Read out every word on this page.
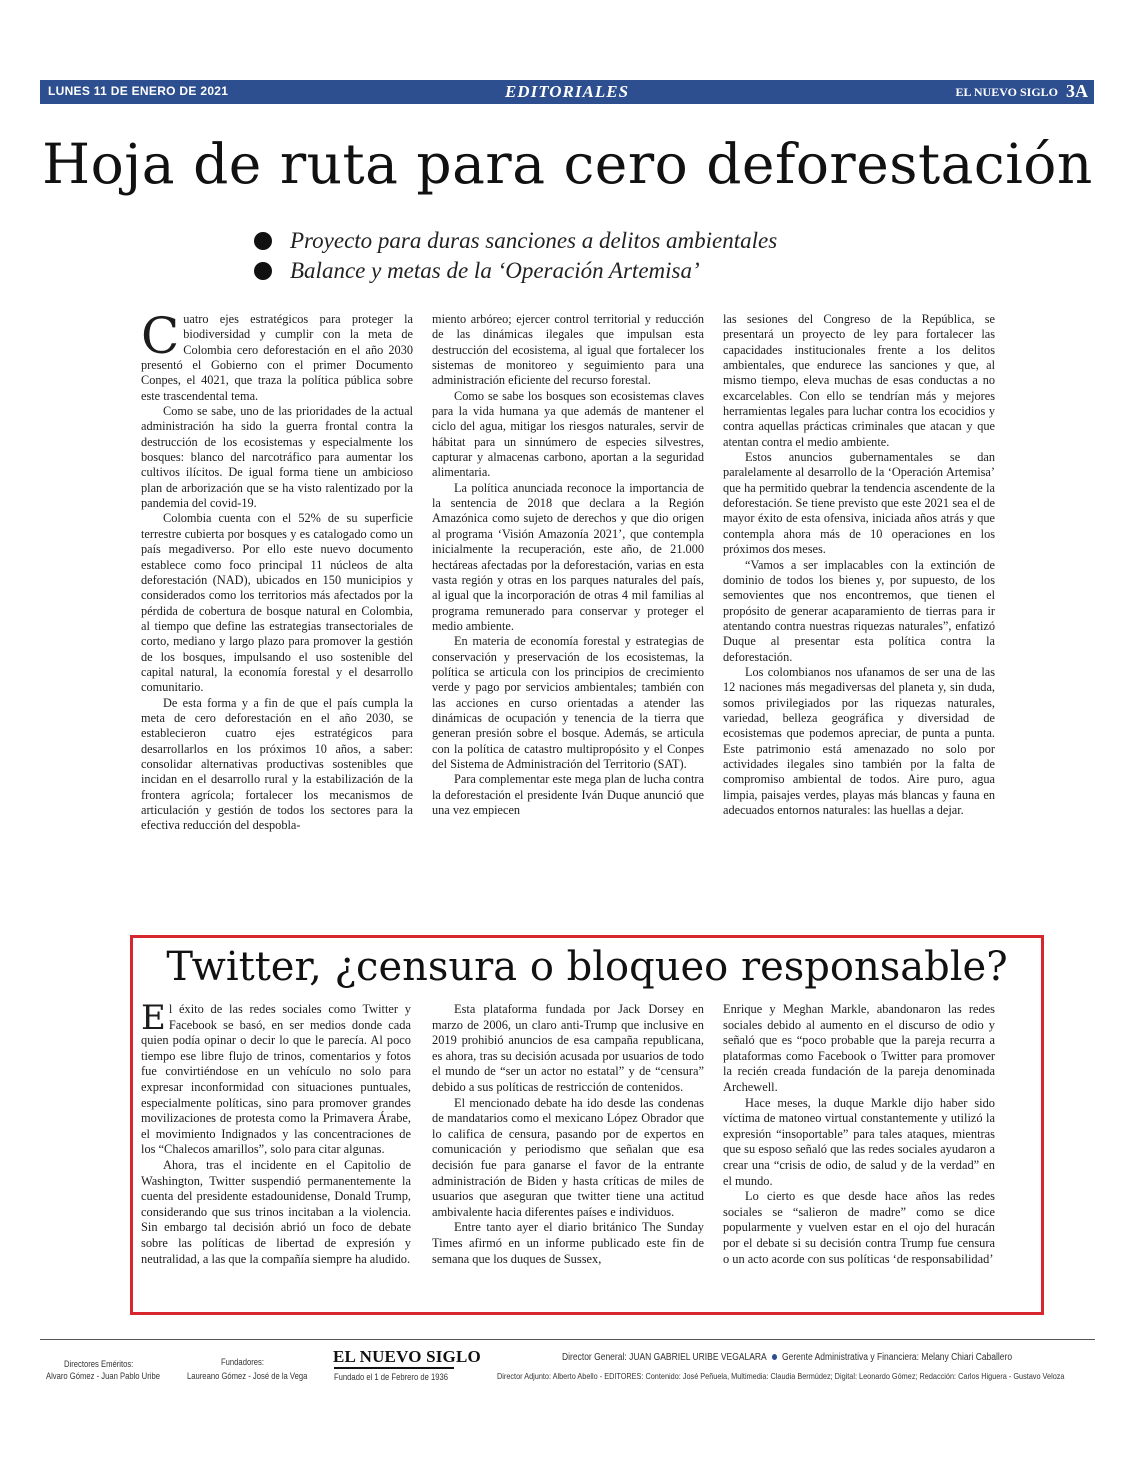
LUNES 11 DE ENERO DE 2021	EDITORIALES	EL NUEVO SIGLO 3A
Hoja de ruta para cero deforestación
Proyecto para duras sanciones a delitos ambientales
Balance y metas de la ‘Operación Artemisa’

Cuatro ejes estratégicos para proteger la biodiversidad y cumplir con la meta de Colombia cero deforestación en el año 2030 presentó el Gobierno con el primer Documento Conpes, el 4021, que traza la política pública sobre este trascendental tema.

Como se sabe, uno de las prioridades de la actual administración ha sido la guerra frontal contra la destrucción de los ecosistemas y especialmente los bosques: blanco del narcotráfico para aumentar los cultivos ilícitos. De igual forma tiene un ambicioso plan de arborización que se ha visto ralentizado por la pandemia del covid-19.

Colombia cuenta con el 52% de su superficie terrestre cubierta por bosques y es catalogado como un país megadiverso. Por ello este nuevo documento establece como foco principal 11 núcleos de alta deforestación (NAD), ubicados en 150 municipios y considerados como los territorios más afectados por la pérdida de cobertura de bosque natural en Colombia, al tiempo que define las estrategias transectoriales de corto, mediano y largo plazo para promover la gestión de los bosques, impulsando el uso sostenible del capital natural, la economía forestal y el desarrollo comunitario.

De esta forma y a fin de que el país cumpla la meta de cero deforestación en el año 2030, se establecieron cuatro ejes estratégicos para desarrollarlos en los próximos 10 años, a saber: consolidar alternativas productivas sostenibles que incidan en el desarrollo rural y la estabilización de la frontera agrícola; fortalecer los mecanismos de articulación y gestión de todos los sectores para la efectiva reducción del despobla-

miento arbóreo; ejercer control territorial y reducción de las dinámicas ilegales que impulsan esta destrucción del ecosistema, al igual que fortalecer los sistemas de monitoreo y seguimiento para una administración eficiente del recurso forestal.

Como se sabe los bosques son ecosistemas claves para la vida humana ya que además de mantener el ciclo del agua, mitigar los riesgos naturales, servir de hábitat para un sinnúmero de especies silvestres, capturar y almacenas carbono, aportan a la seguridad alimentaria.

La política anunciada reconoce la importancia de la sentencia de 2018 que declara a la Región Amazónica como sujeto de derechos y que dio origen al programa ‘Visión Amazonía 2021’, que contempla inicialmente la recuperación, este año, de 21.000 hectáreas afectadas por la deforestación, varias en esta vasta región y otras en los parques naturales del país, al igual que la incorporación de otras 4 mil familias al programa remunerado para conservar y proteger el medio ambiente.

En materia de economía forestal y estrategias de conservación y preservación de los ecosistemas, la política se articula con los principios de crecimiento verde y pago por servicios ambientales; también con las acciones en curso orientadas a atender las dinámicas de ocupación y tenencia de la tierra que generan presión sobre el bosque. Además, se articula con la política de catastro multipropósito y el Conpes del Sistema de Administración del Territorio (SAT).

Para complementar este mega plan de lucha contra la deforestación el presidente Iván Duque anunció que una vez empiecen

las sesiones del Congreso de la República, se presentará un proyecto de ley para fortalecer las capacidades institucionales frente a los delitos ambientales, que endurece las sanciones y que, al mismo tiempo, eleva muchas de esas conductas a no excarcelables. Con ello se tendrían más y mejores herramientas legales para luchar contra los ecocidios y contra aquellas prácticas criminales que atacan y que atentan contra el medio ambiente.

Estos anuncios gubernamentales se dan paralelamente al desarrollo de la ‘Operación Artemisa’ que ha permitido quebrar la tendencia ascendente de la deforestación. Se tiene previsto que este 2021 sea el de mayor éxito de esta ofensiva, iniciada años atrás y que contempla ahora más de 10 operaciones en los próximos dos meses.

“Vamos a ser implacables con la extinción de dominio de todos los bienes y, por supuesto, de los semovientes que nos encontremos, que tienen el propósito de generar acaparamiento de tierras para ir atentando contra nuestras riquezas naturales”, enfatizó Duque al presentar esta política contra la deforestación.

Los colombianos nos ufanamos de ser una de las 12 naciones más megadiversas del planeta y, sin duda, somos privilegiados por las riquezas naturales, variedad, belleza geográfica y diversidad de ecosistemas que podemos apreciar, de punta a punta. Este patrimonio está amenazado no solo por actividades ilegales sino también por la falta de compromiso ambiental de todos. Aire puro, agua limpia, paisajes verdes, playas más blancas y fauna en adecuados entornos naturales: las huellas a dejar.

Twitter, ¿censura o bloqueo responsable?

El éxito de las redes sociales como Twitter y Facebook se basó, en ser medios donde cada quien podía opinar o decir lo que le parecía. Al poco tiempo ese libre flujo de trinos, comentarios y fotos fue convirtiéndose en un vehículo no solo para expresar inconformidad con situaciones puntuales, especialmente políticas, sino para promover grandes movilizaciones de protesta como la Primavera Árabe, el movimiento Indignados y las concentraciones de los “Chalecos amarillos”, solo para citar algunas.

Ahora, tras el incidente en el Capitolio de Washington, Twitter suspendió permanentemente la cuenta del presidente estadounidense, Donald Trump, considerando que sus trinos incitaban a la violencia. Sin embargo tal decisión abrió un foco de debate sobre las políticas de libertad de expresión y neutralidad, a las que la compañía siempre ha aludido.

Esta plataforma fundada por Jack Dorsey en marzo de 2006, un claro anti-Trump que inclusive en 2019 prohibió anuncios de esa campaña republicana, es ahora, tras su decisión acusada por usuarios de todo el mundo de “ser un actor no estatal” y de “censura” debido a sus políticas de restricción de contenidos.

El mencionado debate ha ido desde las condenas de mandatarios como el mexicano López Obrador que lo califica de censura, pasando por de expertos en comunicación y periodismo que señalan que esa decisión fue para ganarse el favor de la entrante administración de Biden y hasta críticas de miles de usuarios que aseguran que twitter tiene una actitud ambivalente hacia diferentes países e individuos.

Entre tanto ayer el diario británico The Sunday Times afirmó en un informe publicado este fin de semana que los duques de Sussex,

Enrique y Meghan Markle, abandonaron las redes sociales debido al aumento en el discurso de odio y señaló que es “poco probable que la pareja recurra a plataformas como Facebook o Twitter para promover la recién creada fundación de la pareja denominada Archewell.

Hace meses, la duque Markle dijo haber sido víctima de matoneo virtual constantemente y utilizó la expresión “insoportable” para tales ataques, mientras que su esposo señaló que las redes sociales ayudaron a crear una “crisis de odio, de salud y de la verdad” en el mundo.

Lo cierto es que desde hace años las redes sociales se “salieron de madre” como se dice popularmente y vuelven estar en el ojo del huracán por el debate si su decisión contra Trump fue censura o un acto acorde con sus políticas ‘de responsabilidad’

Directores Eméritos:
Alvaro Gómez - Juan Pablo Uribe
Fundadores:
Laureano Gómez - José de la Vega
EL NUEVO SIGLO
Fundado el 1 de Febrero de 1936
Director General: JUAN GABRIEL URIBE VEGALARA Gerente Administrativa y Financiera: Melany Chiari Caballero
Director Adjunto: Alberto Abello - EDITORES: Contenido: José Peñuela, Multimedia: Claudia Bermúdez; Digital: Leonardo Gómez; Redacción: Carlos Higuera - Gustavo Veloza
